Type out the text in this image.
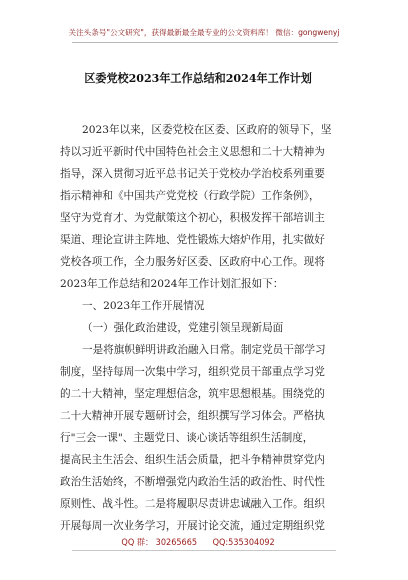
关注头条号"公文研究"，获得最新最全最专业的公文资料库！ 微信：gongwenyj
区委党校2023年工作总结和2024年工作计划
2023年以来，区委党校在区委、区政府的领导下，坚
持以习近平新时代中国特色社会主义思想和二十大精神为
指导，深入贯彻习近平总书记关于党校办学治校系列重要
指示精神和《中国共产党党校（行政学院）工作条例》，
坚守为党育才、为党献策这个初心，积极发挥干部培训主
渠道、理论宣讲主阵地、党性锻炼大熔炉作用，扎实做好
党校各项工作，全力服务好区委、区政府中心工作。现将
2023年工作总结和2024年工作计划汇报如下：
一、2023年工作开展情况
（一）强化政治建设，党建引领呈现新局面
一是将旗帜鲜明讲政治融入日常。制定党员干部学习
制度，坚持每周一次集中学习，组织党员干部重点学习党
的二十大精神，坚定理想信念，筑牢思想根基。围绕党的
二十大精神开展专题研讨会，组织撰写学习体会。严格执
行"三会一课"、主题党日、谈心谈话等组织生活制度，
提高民主生活会、组织生活会质量，把斗争精神贯穿党内
政治生活始终，不断增强党内政治生活的政治性、时代性
原则性、战斗性。二是将履职尽责讲忠诚融入工作。组织
开展每周一次业务学习，开展讨论交流，通过定期组织党
QQ 群： 30265665 QQ:535304092
